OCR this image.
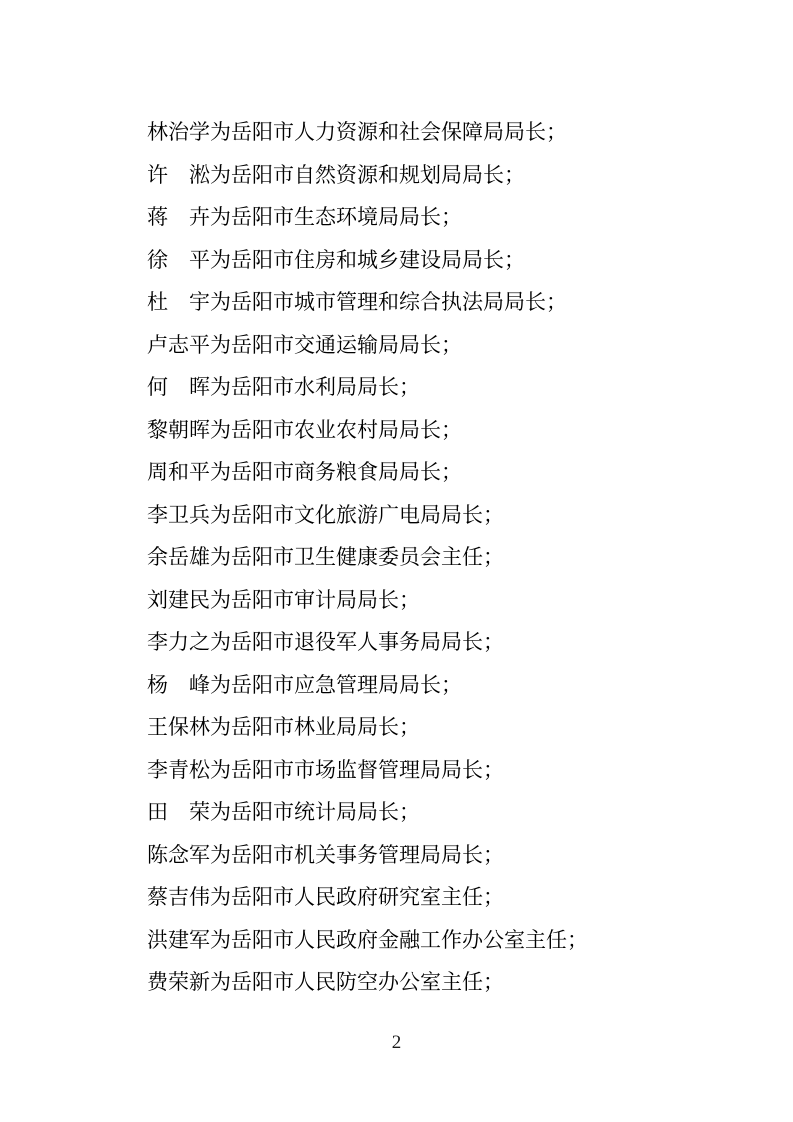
林治学为岳阳市人力资源和社会保障局局长；

许　淞为岳阳市自然资源和规划局局长；

蒋　卉为岳阳市生态环境局局长；

徐　平为岳阳市住房和城乡建设局局长；

杜　宇为岳阳市城市管理和综合执法局局长；

卢志平为岳阳市交通运输局局长；

何　晖为岳阳市水利局局长；

黎朝晖为岳阳市农业农村局局长；

周和平为岳阳市商务粮食局局长；

李卫兵为岳阳市文化旅游广电局局长；

余岳雄为岳阳市卫生健康委员会主任；

刘建民为岳阳市审计局局长；

李力之为岳阳市退役军人事务局局长；

杨　峰为岳阳市应急管理局局长；

王保林为岳阳市林业局局长；

李青松为岳阳市市场监督管理局局长；

田　荣为岳阳市统计局局长；

陈念军为岳阳市机关事务管理局局长；

蔡吉伟为岳阳市人民政府研究室主任；

洪建军为岳阳市人民政府金融工作办公室主任；

费荣新为岳阳市人民防空办公室主任；

2
